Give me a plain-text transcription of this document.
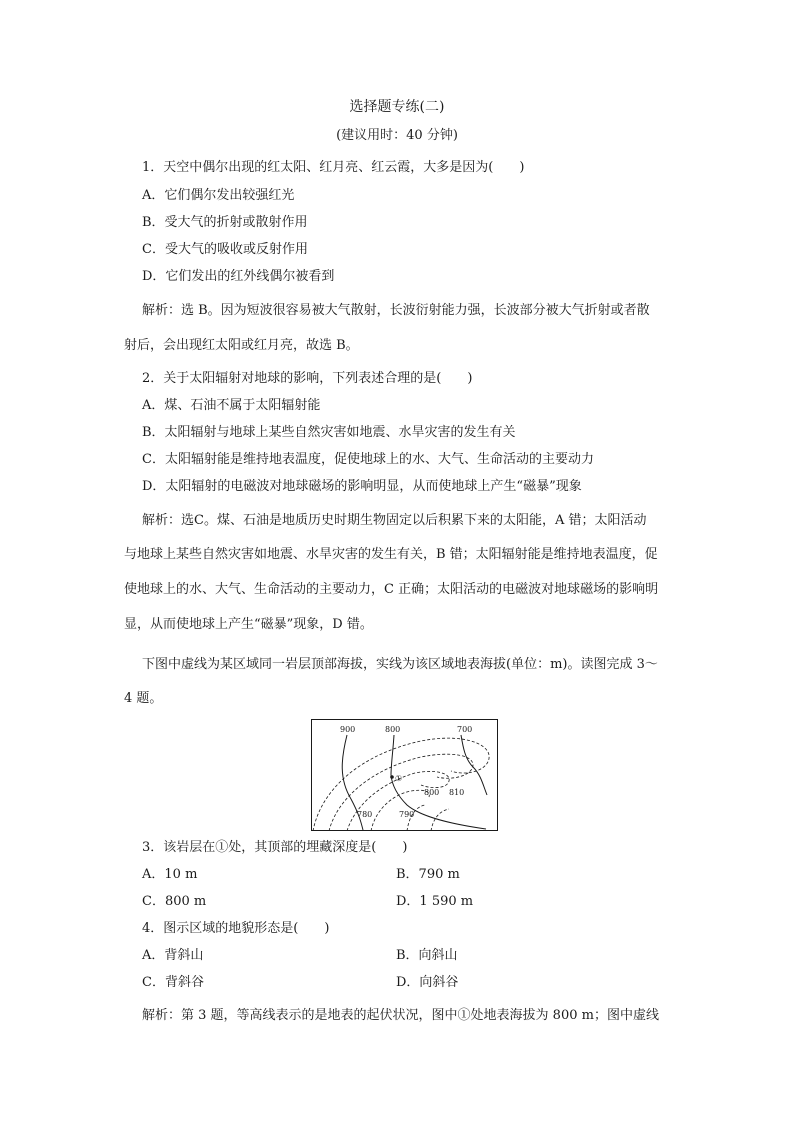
选择题专练(二)
(建议用时：40 分钟)
1．天空中偶尔出现的红太阳、红月亮、红云霞，大多是因为(　　)
A．它们偶尔发出较强红光
B．受大气的折射或散射作用
C．受大气的吸收或反射作用
D．它们发出的红外线偶尔被看到
解析：选 B。因为短波很容易被大气散射，长波衍射能力强，长波部分被大气折射或者散
射后，会出现红太阳或红月亮，故选 B。
2．关于太阳辐射对地球的影响，下列表述合理的是(　　)
A．煤、石油不属于太阳辐射能
B．太阳辐射与地球上某些自然灾害如地震、水旱灾害的发生有关
C．太阳辐射能是维持地表温度，促使地球上的水、大气、生命活动的主要动力
D．太阳辐射的电磁波对地球磁场的影响明显，从而使地球上产生“磁暴”现象
解析：选C。煤、石油是地质历史时期生物固定以后积累下来的太阳能，A 错；太阳活动
与地球上某些自然灾害如地震、水旱灾害的发生有关，B 错；太阳辐射能是维持地表温度，促
使地球上的水、大气、生命活动的主要动力，C 正确；太阳活动的电磁波对地球磁场的影响明
显，从而使地球上产生“磁暴”现象，D 错。
下图中虚线为某区域同一岩层顶部海拔，实线为该区域地表海拔(单位：m)。读图完成 3～
4 题。
900	800	700
①
800 810
780	790
3．该岩层在①处，其顶部的埋藏深度是(　　)
A．10 m	B．790 m
C．800 m	D．1 590 m
4．图示区域的地貌形态是(　　)
A．背斜山	B．向斜山
C．背斜谷	D．向斜谷
解析：第 3 题，等高线表示的是地表的起伏状况，图中①处地表海拔为 800 m；图中虚线
